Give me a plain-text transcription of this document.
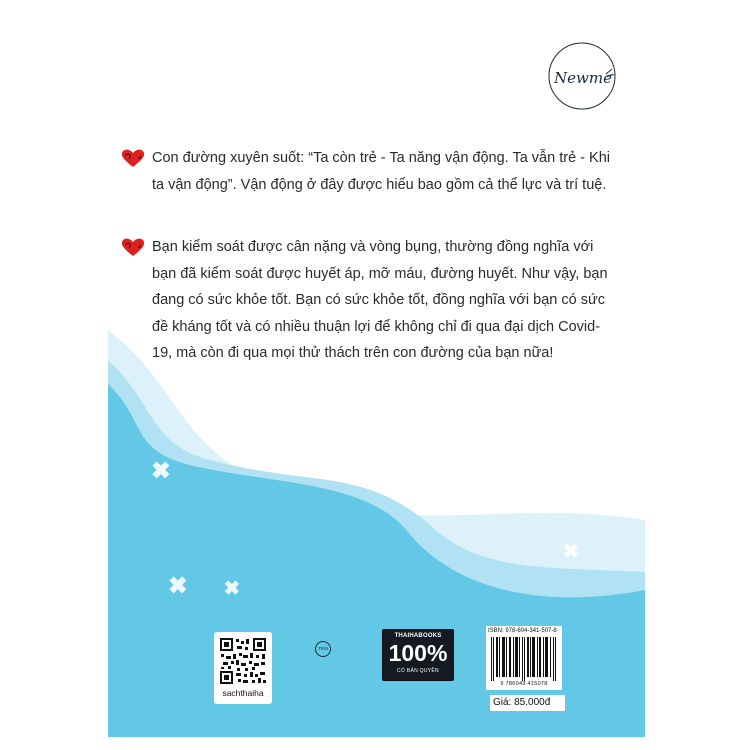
Newme

Con đường xuyên suốt: “Ta còn trẻ - Ta năng vận động. Ta vẫn trẻ - Khi ta vận động”. Vận động ở đây được hiểu bao gồm cả thể lực và trí tuệ.

Bạn kiểm soát được cân nặng và vòng bụng, thường đồng nghĩa với bạn đã kiểm soát được huyết áp, mỡ máu, đường huyết. Như vậy, bạn đang có sức khỏe tốt. Bạn có sức khỏe tốt, đồng nghĩa với bạn có sức đề kháng tốt và có nhiều thuận lợi để không chỉ đi qua đại dịch Covid-19, mà còn đi qua mọi thử thách trên con đường của bạn nữa!

sachthaiha
TEM
THAIHABOOKS
100%
CÓ BẢN QUYỀN
ISBN: 978-604-341-507-8
9 786043 415078
Giá: 85.000đ
